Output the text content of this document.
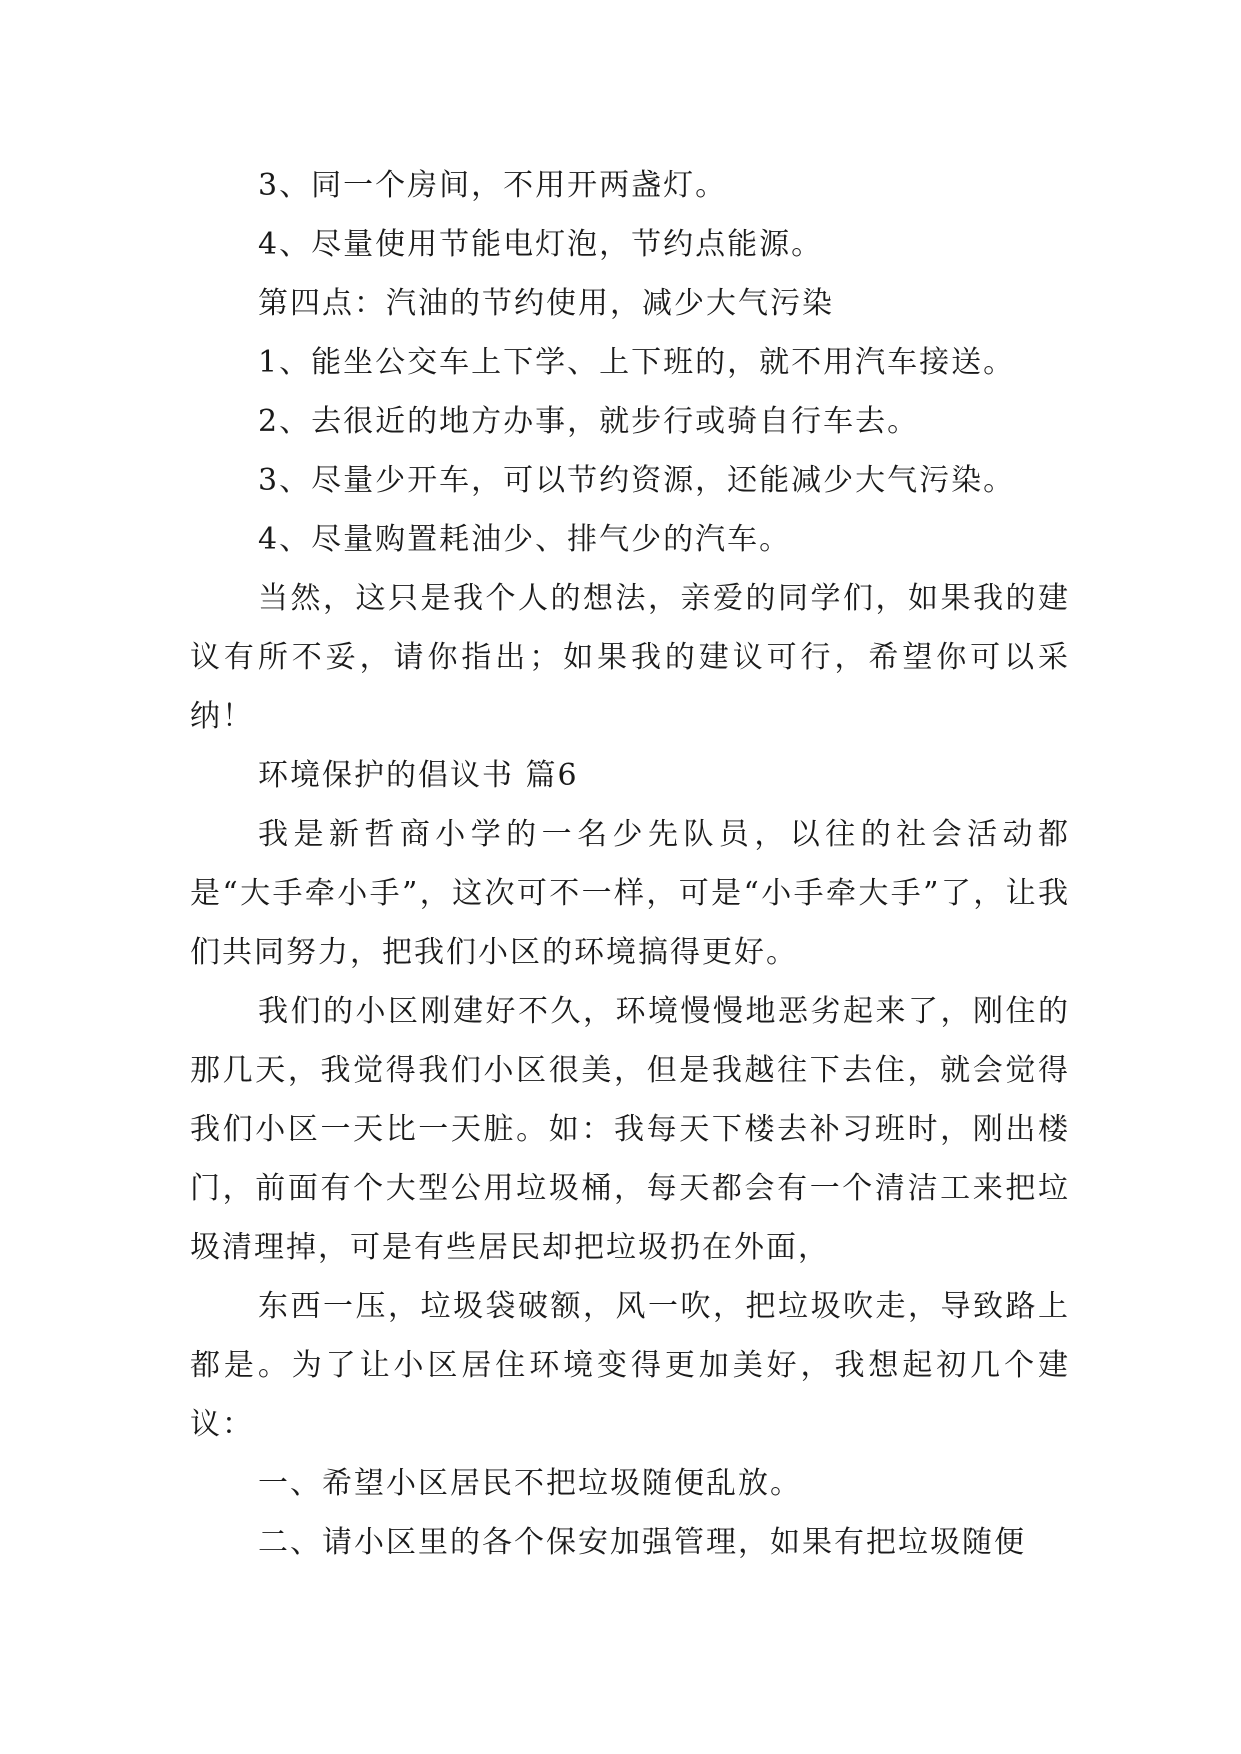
3、同一个房间，不用开两盏灯。

4、尽量使用节能电灯泡，节约点能源。

第四点：汽油的节约使用，减少大气污染

1、能坐公交车上下学、上下班的，就不用汽车接送。

2、去很近的地方办事，就步行或骑自行车去。

3、尽量少开车，可以节约资源，还能减少大气污染。

4、尽量购置耗油少、排气少的汽车。

当然，这只是我个人的想法，亲爱的同学们，如果我的建议有所不妥，请你指出；如果我的建议可行，希望你可以采纳！

环境保护的倡议书 篇6

我是新哲商小学的一名少先队员，以往的社会活动都是“大手牵小手”，这次可不一样，可是“小手牵大手”了，让我们共同努力，把我们小区的环境搞得更好。

我们的小区刚建好不久，环境慢慢地恶劣起来了，刚住的那几天，我觉得我们小区很美，但是我越往下去住，就会觉得我们小区一天比一天脏。如：我每天下楼去补习班时，刚出楼门，前面有个大型公用垃圾桶，每天都会有一个清洁工来把垃圾清理掉，可是有些居民却把垃圾扔在外面，

东西一压，垃圾袋破额，风一吹，把垃圾吹走，导致路上都是。为了让小区居住环境变得更加美好，我想起初几个建议：

一、希望小区居民不把垃圾随便乱放。

二、请小区里的各个保安加强管理，如果有把垃圾随便
